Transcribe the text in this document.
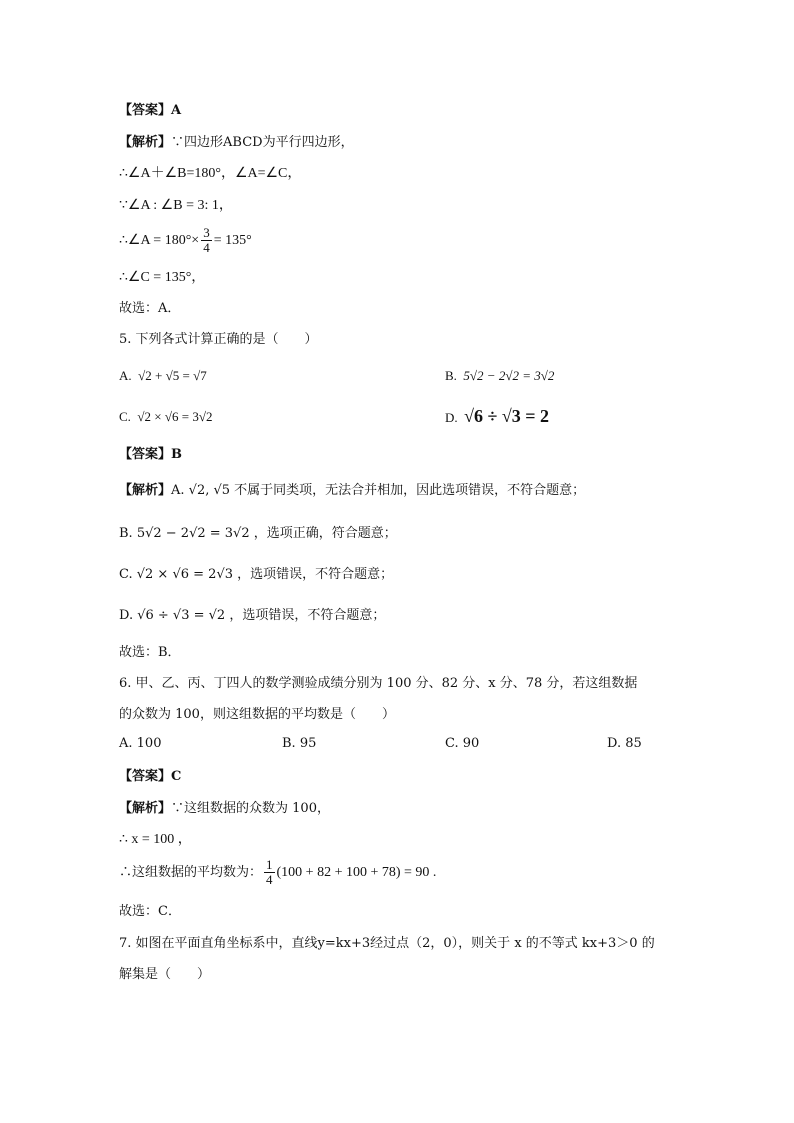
【答案】A
【解析】∵四边形ABCD为平行四边形，
∴∠A＋∠B=180°，∠A=∠C，
∵∠A : ∠B = 3: 1，
∴∠A = $180^\circ\times \frac{3}{4} = 135^\circ$
∴∠C = 135°，
故选：A．
5. 下列各式计算正确的是（　　）
A. √2 + √5 = √7	B. 5√2 − 2√2 = 3√2
C. √2 × √6 = 3√2	D. √6 ÷ √3 = 2
【答案】B
【解析】A. √2, √5 不属于同类项，无法合并相加，因此选项错误，不符合题意；
B. 5√2 − 2√2 = 3√2 ，选项正确，符合题意；
C. √2 × √6 = 2√3 ，选项错误，不符合题意；
D. √6 ÷ √3 = √2 ，选项错误，不符合题意；
故选：B．
6. 甲、乙、丙、丁四人的数学测验成绩分别为 100 分、82 分、x 分、78 分，若这组数据
的众数为 100，则这组数据的平均数是（　　）
A. 100	B. 95	C. 90	D. 85
【答案】C
【解析】∵这组数据的众数为 100，
∴ x = 100 ，
∴这组数据的平均数为： $\frac{1}{4} (100 + 82 + 100 + 78) = 90$ .
故选：C．
7. 如图在平面直角坐标系中，直线y=kx+3经过点（2，0），则关于 x 的不等式 kx+3＞0 的
解集是（　　）
